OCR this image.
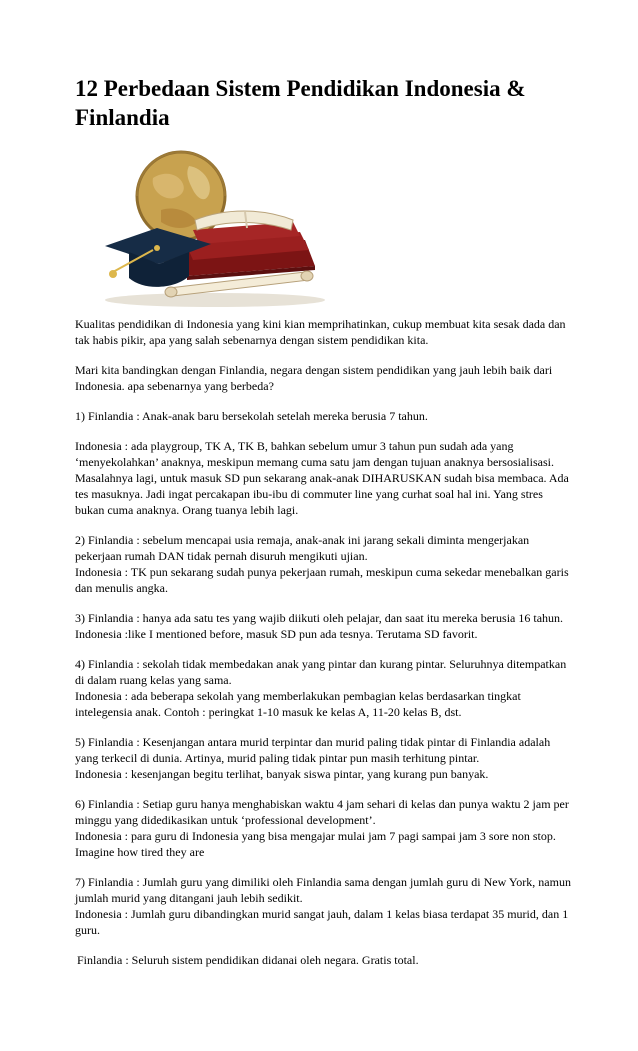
12 Perbedaan Sistem Pendidikan Indonesia & Finlandia

Kualitas pendidikan di Indonesia yang kini kian memprihatinkan, cukup membuat kita sesak dada dan tak habis pikir, apa yang salah sebenarnya dengan sistem pendidikan kita.

Mari kita bandingkan dengan Finlandia, negara dengan sistem pendidikan yang jauh lebih baik dari Indonesia. apa sebenarnya yang berbeda?

1) Finlandia : Anak-anak baru bersekolah setelah mereka berusia 7 tahun.

Indonesia : ada playgroup, TK A, TK B, bahkan sebelum umur 3 tahun pun sudah ada yang ‘menyekolahkan’ anaknya, meskipun memang cuma satu jam dengan tujuan anaknya bersosialisasi. Masalahnya lagi, untuk masuk SD pun sekarang anak-anak DIHARUSKAN sudah bisa membaca. Ada tes masuknya. Jadi ingat percakapan ibu-ibu di commuter line yang curhat soal hal ini. Yang stres bukan cuma anaknya. Orang tuanya lebih lagi.

2) Finlandia : sebelum mencapai usia remaja, anak-anak ini jarang sekali diminta mengerjakan pekerjaan rumah DAN tidak pernah disuruh mengikuti ujian.
Indonesia : TK pun sekarang sudah punya pekerjaan rumah, meskipun cuma sekedar menebalkan garis dan menulis angka.

3) Finlandia : hanya ada satu tes yang wajib diikuti oleh pelajar, dan saat itu mereka berusia 16 tahun.
Indonesia :like I mentioned before, masuk SD pun ada tesnya. Terutama SD favorit.

4) Finlandia : sekolah tidak membedakan anak yang pintar dan kurang pintar. Seluruhnya ditempatkan di dalam ruang kelas yang sama.
Indonesia : ada beberapa sekolah yang memberlakukan pembagian kelas berdasarkan tingkat intelegensia anak. Contoh : peringkat 1-10 masuk ke kelas A, 11-20 kelas B, dst.

5) Finlandia : Kesenjangan antara murid terpintar dan murid paling tidak pintar di Finlandia adalah yang terkecil di dunia. Artinya, murid paling tidak pintar pun masih terhitung pintar.
Indonesia : kesenjangan begitu terlihat, banyak siswa pintar, yang kurang pun banyak.

6) Finlandia : Setiap guru hanya menghabiskan waktu 4 jam sehari di kelas dan punya waktu 2 jam per minggu yang didedikasikan untuk ‘professional development’.
Indonesia : para guru di Indonesia yang bisa mengajar mulai jam 7 pagi sampai jam 3 sore non stop. Imagine how tired they are

7) Finlandia : Jumlah guru yang dimiliki oleh Finlandia sama dengan jumlah guru di New York, namun jumlah murid yang ditangani jauh lebih sedikit.
Indonesia : Jumlah guru dibandingkan murid sangat jauh, dalam 1 kelas biasa terdapat 35 murid, dan 1 guru.

Finlandia : Seluruh sistem pendidikan didanai oleh negara. Gratis total.
